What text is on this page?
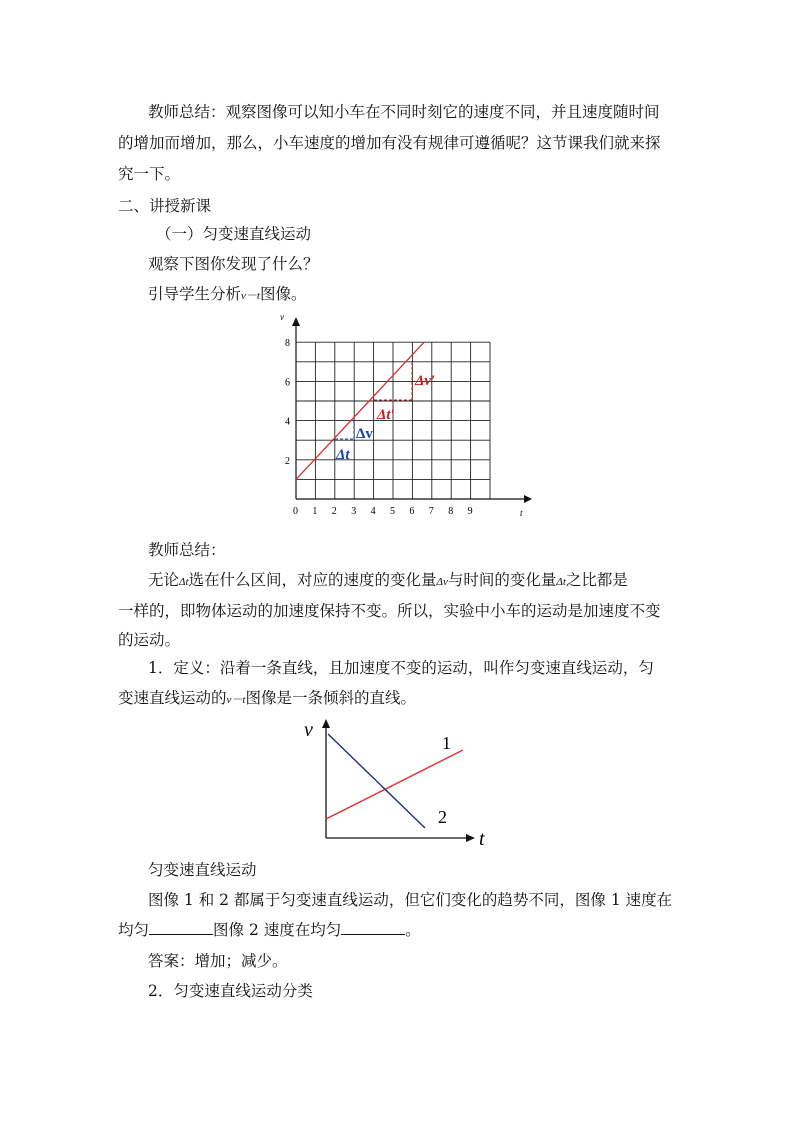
教师总结：观察图像可以知小车在不同时刻它的速度不同，并且速度随时间
的增加而增加，那么，小车速度的增加有没有规律可遵循呢？这节课我们就来探
究一下。
二、讲授新课
（一）匀变速直线运动
观察下图你发现了什么？
引导学生分析v－t图像。
v
t
0 1 2 3 4 5 6 7 8 9
2
4
6
8
Δv
Δt
Δv′
Δt′
教师总结：
无论Δt选在什么区间，对应的速度的变化量Δv与时间的变化量Δt之比都是
一样的，即物体运动的加速度保持不变。所以，实验中小车的运动是加速度不变
的运动。
1．定义：沿着一条直线，且加速度不变的运动，叫作匀变速直线运动，匀
变速直线运动的v－t图像是一条倾斜的直线。
v
t
1
2
匀变速直线运动
图像 1 和 2 都属于匀变速直线运动，但它们变化的趋势不同，图像 1 速度在
均匀	图像 2 速度在均匀	。
答案：增加；减少。
2．匀变速直线运动分类
